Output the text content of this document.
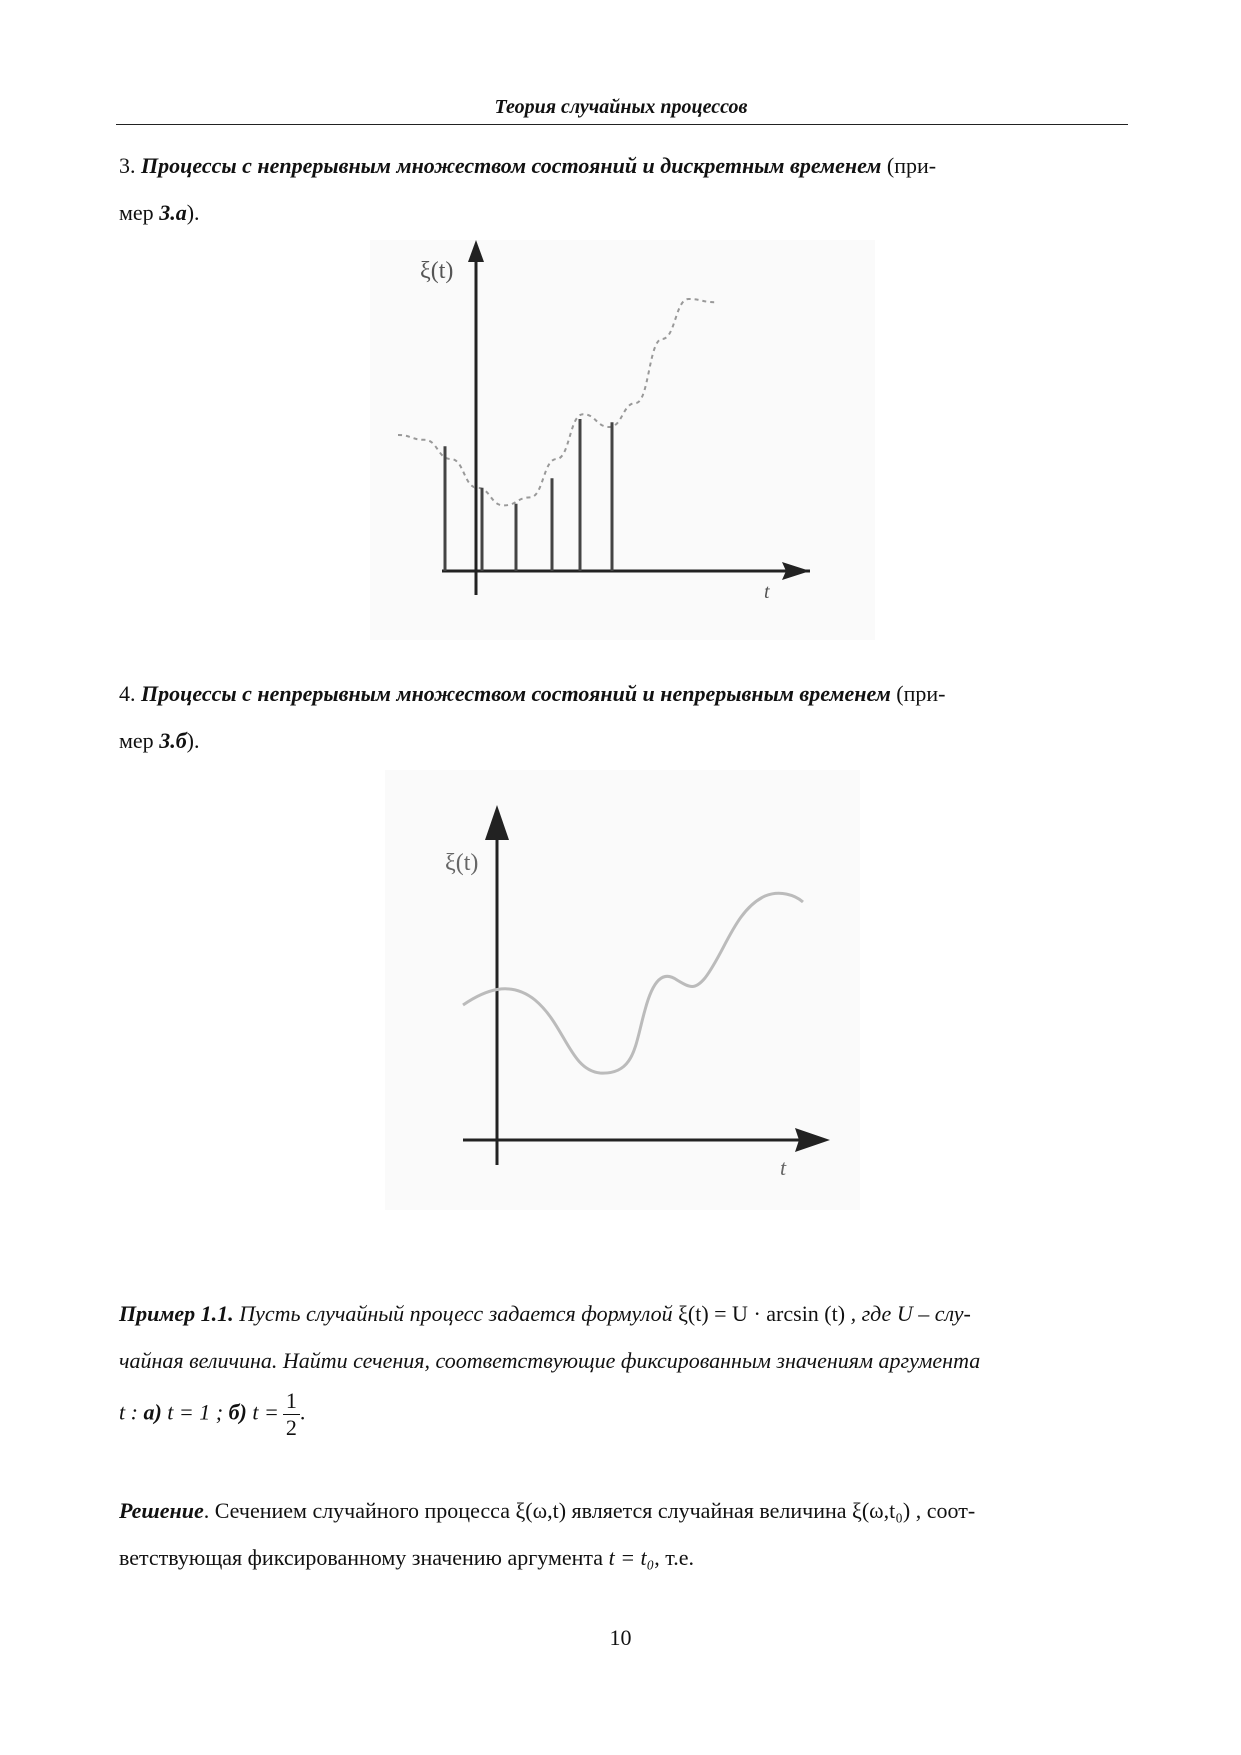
Теория случайных процессов
3. Процессы с непрерывным множеством состояний и дискретным временем (при-
мер 3.а).
ξ(t)
t
4. Процессы с непрерывным множеством состояний и непрерывным временем (при-
мер 3.б).
ξ(t)
t
Пример 1.1. Пусть случайный процесс задается формулой ξ(t) = U · arcsin (t) , где U – слу-
чайная величина. Найти сечения, соответствующие фиксированным значениям аргумента
t : а) t = 1 ; б) $t = \frac{1}{2}$ .
Решение. Сечением случайного процесса ξ(ω,t) является случайная величина ξ(ω,t₀) , соот-
ветствующая фиксированному значению аргумента t = t₀, т.е.
10
